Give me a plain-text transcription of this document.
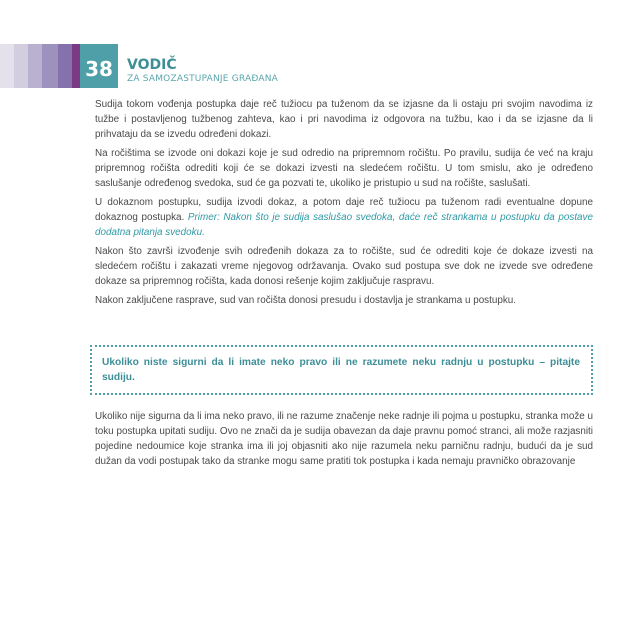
38	VODIČ
ZA SAMOZASTUPANJE GRAĐANA

Sudija tokom vođenja postupka daje reč tužiocu pa tuženom da se izjasne da li ostaju pri svojim navodima iz tužbe i postavljenog tužbenog zahteva, kao i pri navodima iz odgovora na tužbu, kao i da se izjasne da li prihvataju da se izvedu određeni dokazi.

Na ročištima se izvode oni dokazi koje je sud odredio na pripremnom ročištu. Po pravilu, sudija će već na kraju pripremnog ročišta odrediti koji će se dokazi izvesti na sledećem ročištu. U tom smislu, ako je određeno saslušanje određenog svedoka, sud će ga pozvati te, ukoliko je pristupio u sud na ročište, saslušati.

U dokaznom postupku, sudija izvodi dokaz, a potom daje reč tužiocu pa tuženom radi eventualne dopune dokaznog postupka. Primer: Nakon što je sudija saslušao svedoka, daće reč strankama u postupku da postave dodatna pitanja svedoku.

Nakon što završi izvođenje svih određenih dokaza za to ročište, sud će odrediti koje će dokaze izvesti na sledećem ročištu i zakazati vreme njegovog održavanja. Ovako sud postupa sve dok ne izvede sve određene dokaze sa pripremnog ročišta, kada donosi rešenje kojim zaključuje raspravu.

Nakon zaključene rasprave, sud van ročišta donosi presudu i dostavlja je strankama u postupku.

Ukoliko niste sigurni da li imate neko pravo ili ne razumete neku radnju u postupku – pitajte sudiju.

Ukoliko nije sigurna da li ima neko pravo, ili ne razume značenje neke radnje ili pojma u postupku, stranka može u toku postupka upitati sudiju. Ovo ne znači da je sudija obavezan da daje pravnu pomoć stranci, ali može razjasniti pojedine nedoumice koje stranka ima ili joj objasniti ako nije razumela neku parničnu radnju, budući da je sud dužan da vodi postupak tako da stranke mogu same pratiti tok postupka i kada nemaju pravničko obrazovanje
